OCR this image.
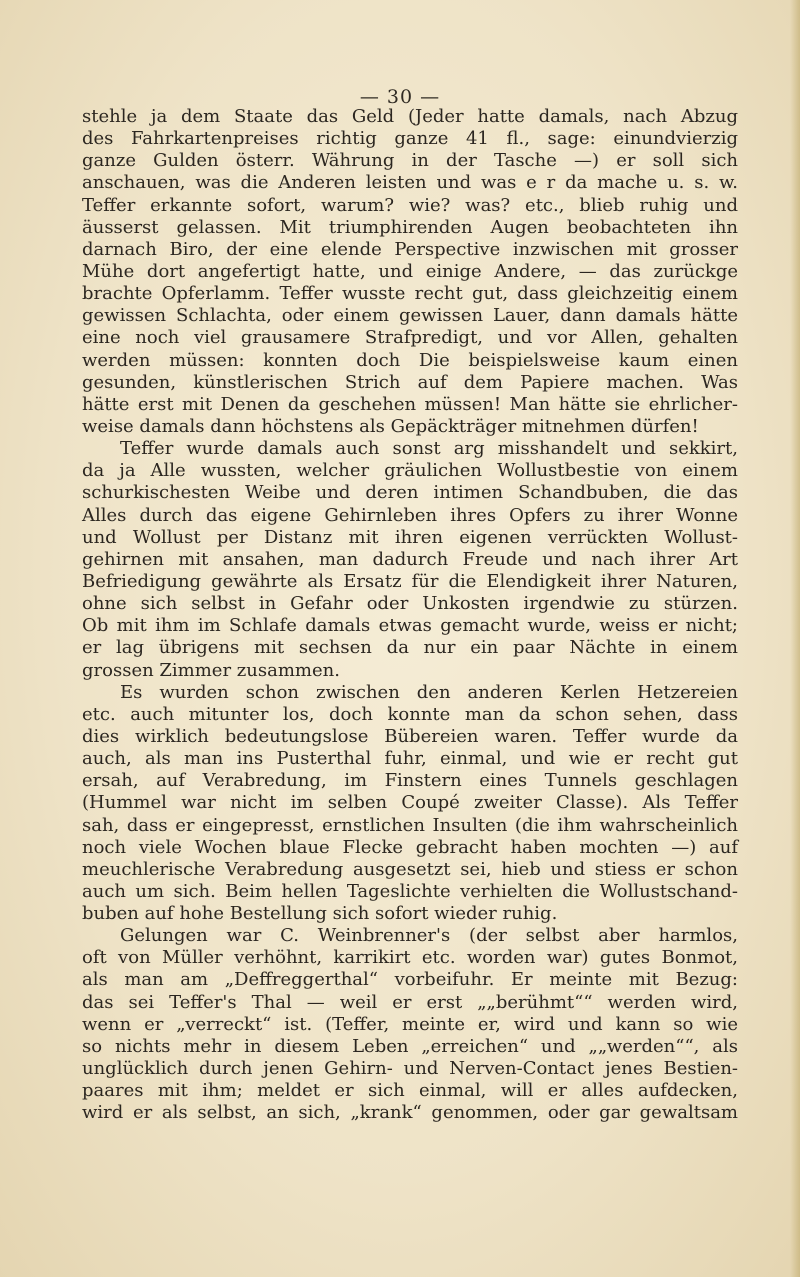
— 30 —
stehle ja dem Staate das Geld (Jeder hatte damals, nach Abzug
des Fahrkartenpreises richtig ganze 41 fl., sage: einundvierzig
ganze Gulden österr. Währung in der Tasche —) er soll sich
anschauen, was die Anderen leisten und was e r da mache u. s. w.
Teffer erkannte sofort, warum? wie? was? etc., blieb ruhig und
äusserst gelassen. Mit triumphirenden Augen beobachteten ihn
darnach Biro, der eine elende Perspective inzwischen mit grosser
Mühe dort angefertigt hatte, und einige Andere, — das zurückge
brachte Opferlamm. Teffer wusste recht gut, dass gleichzeitig einem
gewissen Schlachta, oder einem gewissen Lauer, dann damals hätte
eine noch viel grausamere Strafpredigt, und vor Allen, gehalten
werden müssen: konnten doch Die beispielsweise kaum einen
gesunden, künstlerischen Strich auf dem Papiere machen. Was
hätte erst mit Denen da geschehen müssen! Man hätte sie ehrlicher-
weise damals dann höchstens als Gepäckträger mitnehmen dürfen!
Teffer wurde damals auch sonst arg misshandelt und sekkirt,
da ja Alle wussten, welcher gräulichen Wollustbestie von einem
schurkischesten Weibe und deren intimen Schandbuben, die das
Alles durch das eigene Gehirnleben ihres Opfers zu ihrer Wonne
und Wollust per Distanz mit ihren eigenen verrückten Wollust-
gehirnen mit ansahen, man dadurch Freude und nach ihrer Art
Befriedigung gewährte als Ersatz für die Elendigkeit ihrer Naturen,
ohne sich selbst in Gefahr oder Unkosten irgendwie zu stürzen.
Ob mit ihm im Schlafe damals etwas gemacht wurde, weiss er nicht;
er lag übrigens mit sechsen da nur ein paar Nächte in einem
grossen Zimmer zusammen.
Es wurden schon zwischen den anderen Kerlen Hetzereien
etc. auch mitunter los, doch konnte man da schon sehen, dass
dies wirklich bedeutungslose Bübereien waren. Teffer wurde da
auch, als man ins Pusterthal fuhr, einmal, und wie er recht gut
ersah, auf Verabredung, im Finstern eines Tunnels geschlagen
(Hummel war nicht im selben Coupé zweiter Classe). Als Teffer
sah, dass er eingepresst, ernstlichen Insulten (die ihm wahrscheinlich
noch viele Wochen blaue Flecke gebracht haben mochten —) auf
meuchlerische Verabredung ausgesetzt sei, hieb und stiess er schon
auch um sich. Beim hellen Tageslichte verhielten die Wollustschand-
buben auf hohe Bestellung sich sofort wieder ruhig.
Gelungen war C. Weinbrenner's (der selbst aber harmlos,
oft von Müller verhöhnt, karrikirt etc. worden war) gutes Bonmot,
als man am „Deffreggerthal“ vorbeifuhr. Er meinte mit Bezug:
das sei Teffer's Thal — weil er erst „„berühmt““ werden wird,
wenn er „verreckt“ ist. (Teffer, meinte er, wird und kann so wie
so nichts mehr in diesem Leben „erreichen“ und „„werden““, als
unglücklich durch jenen Gehirn- und Nerven-Contact jenes Bestien-
paares mit ihm; meldet er sich einmal, will er alles aufdecken,
wird er als selbst, an sich, „krank“ genommen, oder gar gewaltsam
